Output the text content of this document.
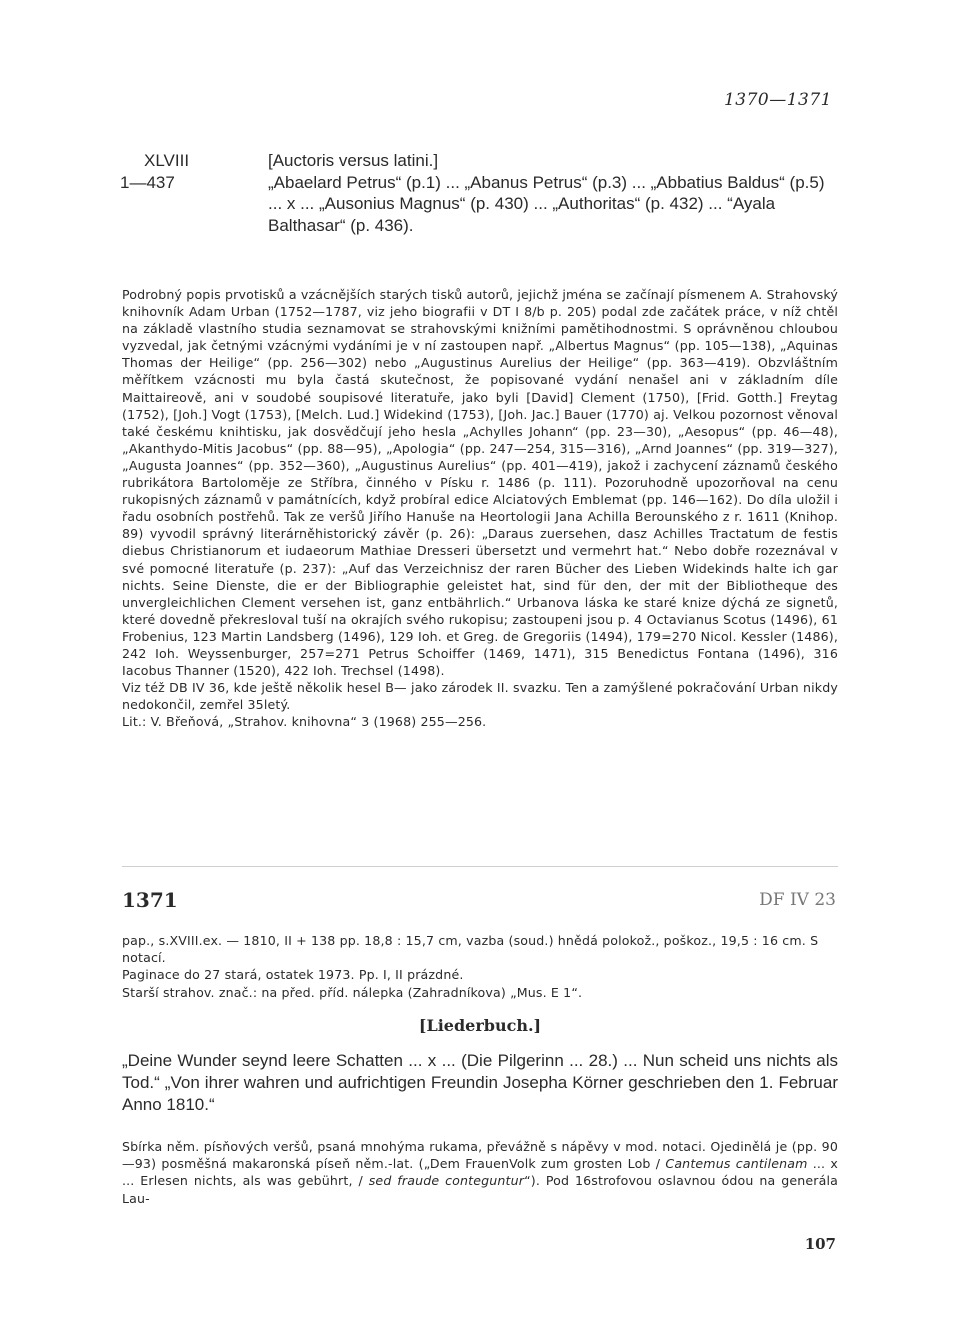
1370—1371
XLVIII	[Auctoris versus latini.]
1—437	„Abaelard Petrus“ (p.1) ... „Abanus Petrus“ (p.3) ... „Abbatius Baldus“ (p.5) ... x ... „Ausonius Magnus“ (p. 430) ... „Authoritas“ (p. 432) ... “Ayala Balthasar“ (p. 436).

Podrobný popis prvotisků a vzácnějších starých tisků autorů, jejichž jména se začínají písmenem A. Strahovský knihovník Adam Urban (1752—1787, viz jeho biografii v DT I 8/b p. 205) podal zde začátek práce, v níž chtěl na základě vlastního studia seznamovat se strahovskými knižními pamětihodnostmi. S oprávněnou chloubou vyzvedal, jak četnými vzácnými vydáními je v ní zastoupen např. „Albertus Magnus“ (pp. 105—138), „Aquinas Thomas der Heilige“ (pp. 256—302) nebo „Augustinus Aurelius der Heilige“ (pp. 363—419). Obzvláštním měřítkem vzácnosti mu byla častá skutečnost, že popisované vydání nenašel ani v základním díle Maittaireově, ani v soudobé soupisové literatuře, jako byli [David] Clement (1750), [Frid. Gotth.] Freytag (1752), [Joh.] Vogt (1753), [Melch. Lud.] Widekind (1753), [Joh. Jac.] Bauer (1770) aj. Velkou pozornost věnoval také českému knihtisku, jak dosvědčují jeho hesla „Achylles Johann“ (pp. 23—30), „Aesopus“ (pp. 46—48), „Akanthydo-Mitis Jacobus“ (pp. 88—95), „Apologia“ (pp. 247—254, 315—316), „Arnd Joannes“ (pp. 319—327), „Augusta Joannes“ (pp. 352—360), „Augustinus Aurelius“ (pp. 401—419), jakož i zachycení záznamů českého rubrikátora Bartoloměje ze Stříbra, činného v Písku r. 1486 (p. 111). Pozoruhodně upozorňoval na cenu rukopisných záznamů v památnících, když probíral edice Alciatových Emblemat (pp. 146—162). Do díla uložil i řadu osobních postřehů. Tak ze veršů Jiřího Hanuše na Heortologii Jana Achilla Berounského z r. 1611 (Knihop. 89) vyvodil správný literárněhistorický závěr (p. 26): „Daraus zuersehen, dasz Achilles Tractatum de festis diebus Christianorum et iudaeorum Mathiae Dresseri übersetzt und vermehrt hat.“ Nebo dobře rozeznával v své pomocné literatuře (p. 237): „Auf das Verzeichnisz der raren Bücher des Lieben Widekinds halte ich gar nichts. Seine Dienste, die er der Bibliographie geleistet hat, sind für den, der mit der Bibliotheque des unvergleichlichen Clement versehen ist, ganz entbährlich.“ Urbanova láska ke staré knize dýchá ze signetů, které dovedně překresloval tuší na okrajích svého rukopisu; zastoupeni jsou p. 4 Octavianus Scotus (1496), 61 Frobenius, 123 Martin Landsberg (1496), 129 Ioh. et Greg. de Gregoriis (1494), 179=270 Nicol. Kessler (1486), 242 Ioh. Weyssenburger, 257=271 Petrus Schoiffer (1469, 1471), 315 Benedictus Fontana (1496), 316 Iacobus Thanner (1520), 422 Ioh. Trechsel (1498).

Viz též DB IV 36, kde ještě několik hesel B— jako zárodek II. svazku. Ten a zamýšlené pokračování Urban nikdy nedokončil, zemřel 35letý.

Lit.: V. Břeňová, „Strahov. knihovna“ 3 (1968) 255—256.

1371	DF IV 23

pap., s.XVIII.ex. — 1810, II + 138 pp. 18,8 : 15,7 cm, vazba (soud.) hnědá polokož., poškoz., 19,5 : 16 cm. S notací.

Paginace do 27 stará, ostatek 1973. Pp. I, II prázdné.

Starší strahov. znač.: na před. příd. nálepka (Zahradníkova) „Mus. E 1“.

[Liederbuch.]
„Deine Wunder seynd leere Schatten ... x ... (Die Pilgerinn ... 28.) ... Nun scheid uns nichts als Tod.“ „Von ihrer wahren und aufrichtigen Freundin Josepha Körner geschrieben den 1. Februar Anno 1810.“
Sbírka něm. písňových veršů, psaná mnohýma rukama, převážně s nápěvy v mod. notaci. Ojedinělá je (pp. 90—93) posměšná makaronská píseň něm.-lat. („Dem FrauenVolk zum grosten Lob / Cantemus cantilenam ... x ... Erlesen nichts, als was gebührt, / sed fraude conteguntur“). Pod 16strofovou oslavnou ódou na generála Lau-
107
